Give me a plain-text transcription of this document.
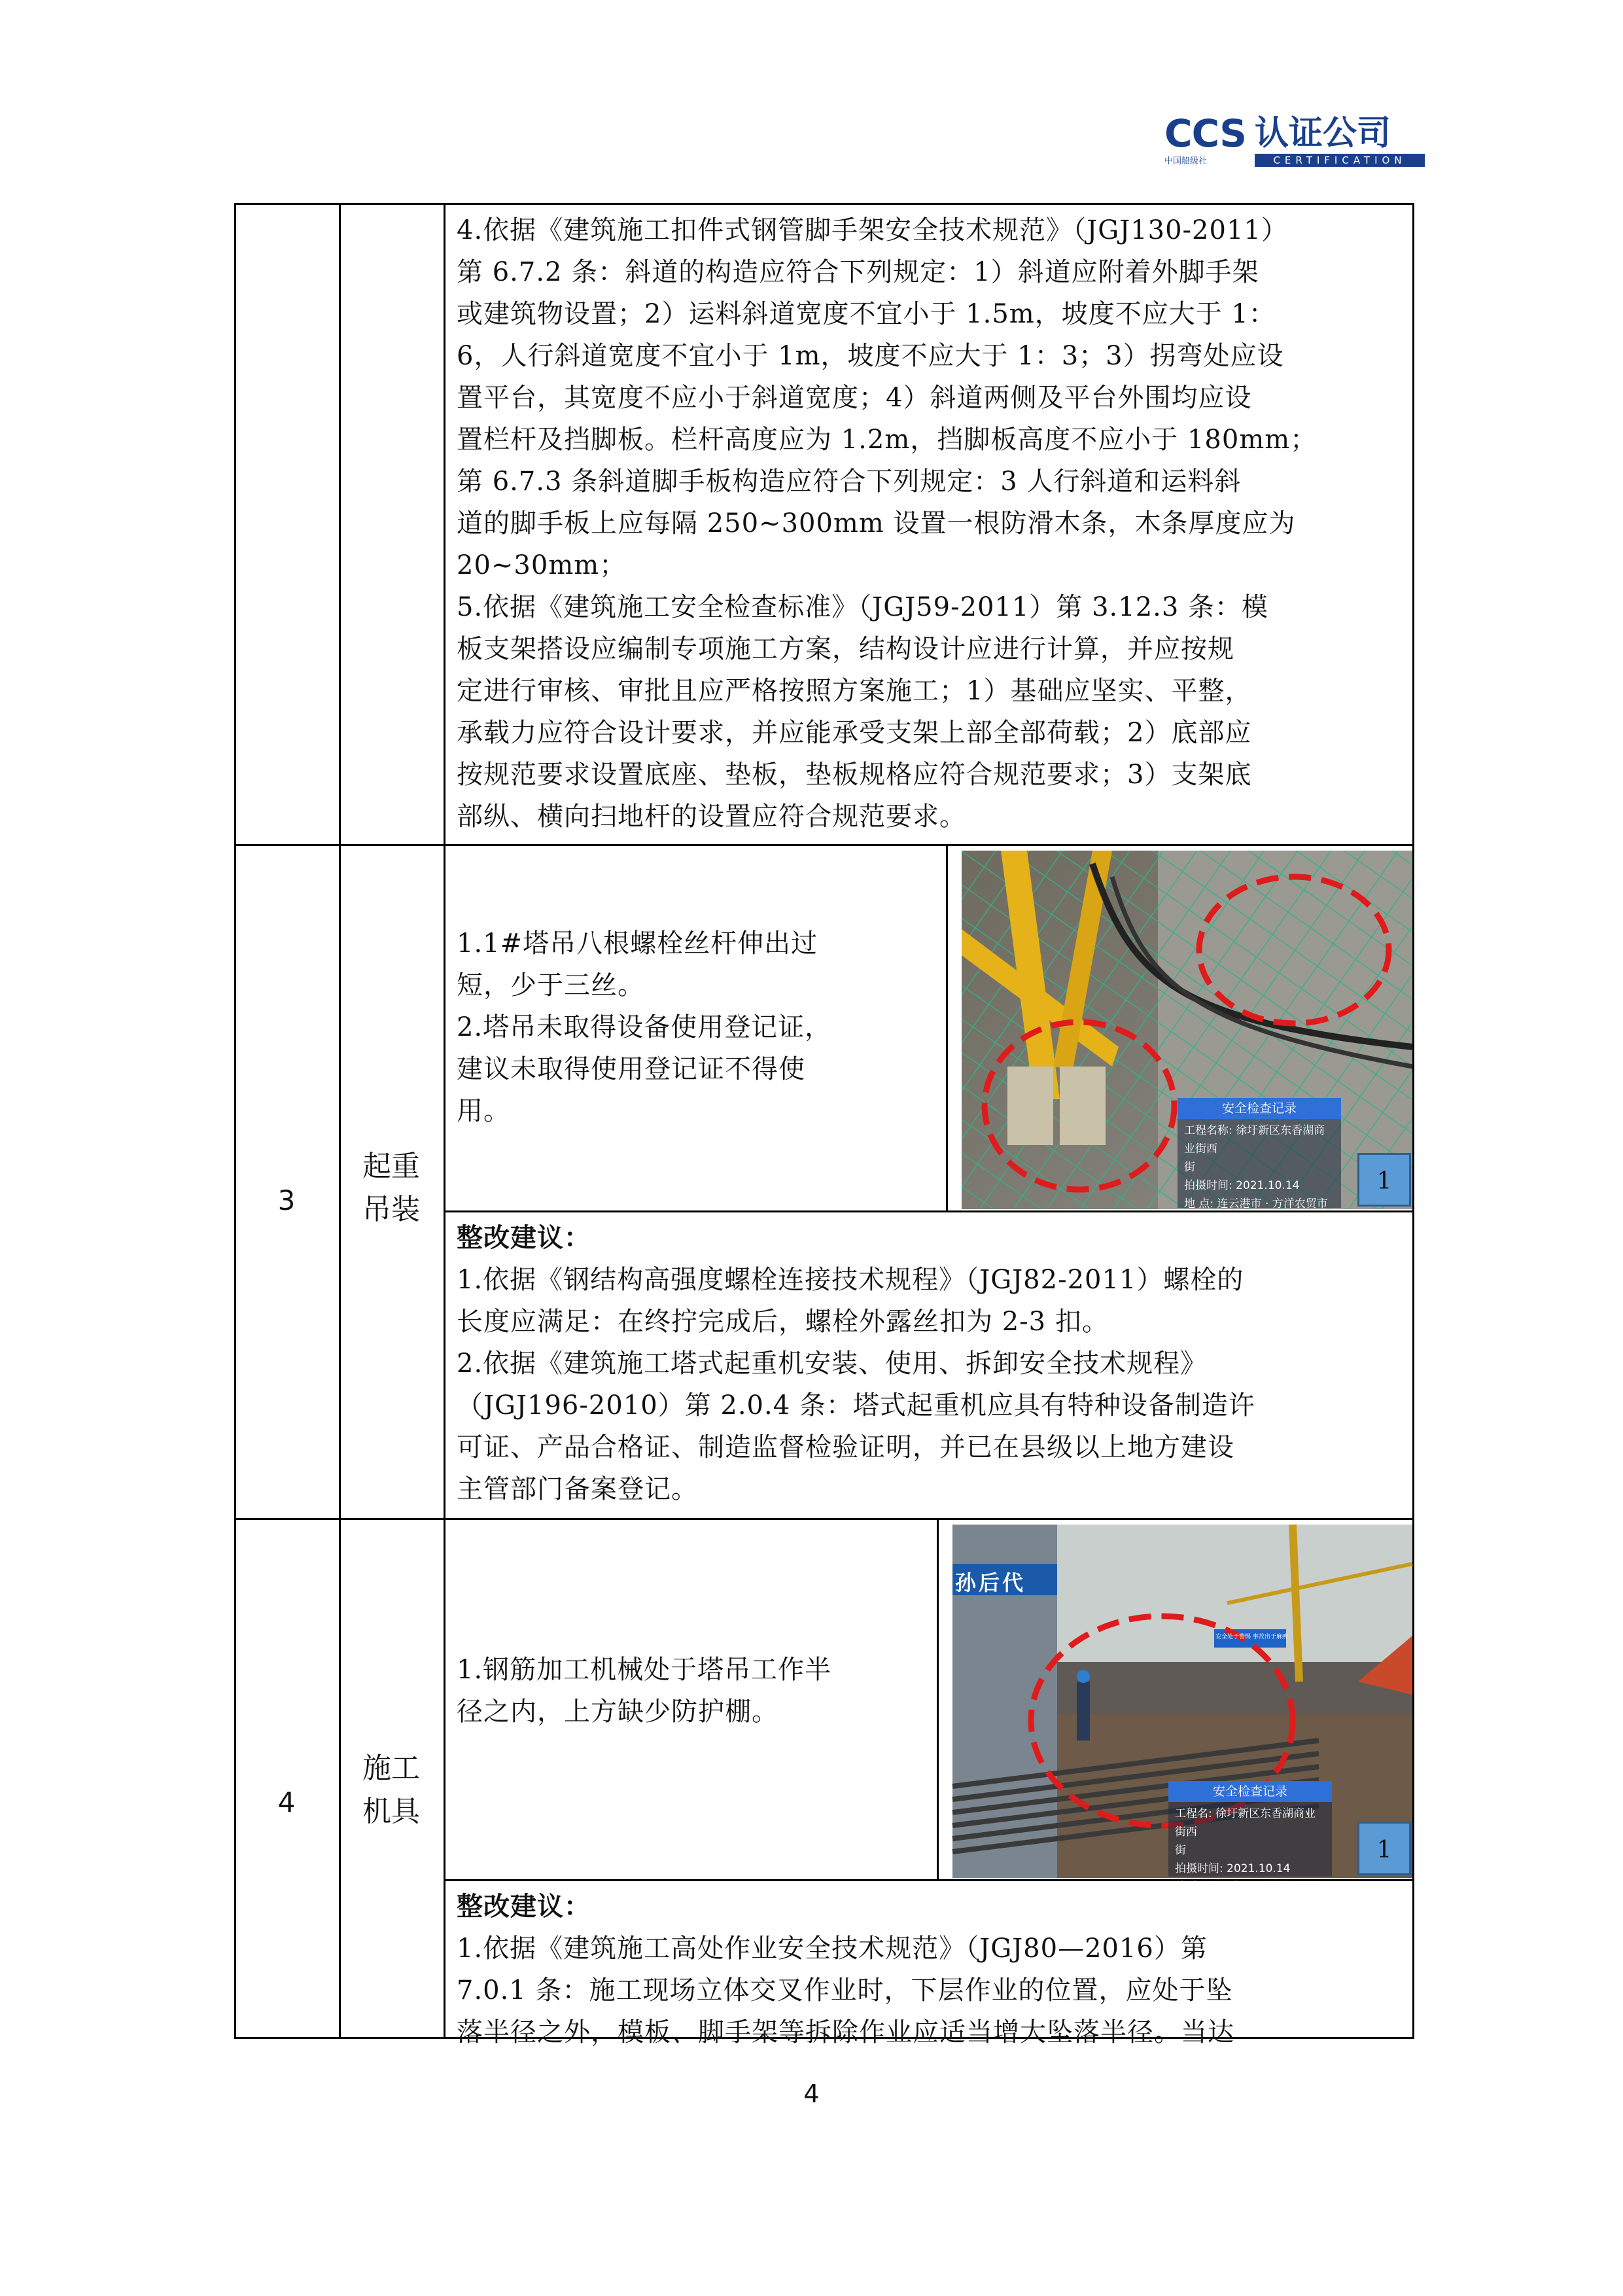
CCS 认证公司
中国船级社	CERTIFICATION
4.依据《建筑施工扣件式钢管脚手架安全技术规范》（JGJ130-2011）
第 6.7.2 条：斜道的构造应符合下列规定：1）斜道应附着外脚手架
或建筑物设置；2）运料斜道宽度不宜小于 1.5m，坡度不应大于 1：
6，人行斜道宽度不宜小于 1m，坡度不应大于 1：3；3）拐弯处应设
置平台，其宽度不应小于斜道宽度；4）斜道两侧及平台外围均应设
置栏杆及挡脚板。栏杆高度应为 1.2m，挡脚板高度不应小于 180mm；
第 6.7.3 条斜道脚手板构造应符合下列规定：3 人行斜道和运料斜
道的脚手板上应每隔 250~300mm 设置一根防滑木条，木条厚度应为
20~30mm；
5.依据《建筑施工安全检查标准》（JGJ59-2011）第 3.12.3 条：模
板支架搭设应编制专项施工方案，结构设计应进行计算，并应按规
定进行审核、审批且应严格按照方案施工；1）基础应坚实、平整，
承载力应符合设计要求，并应能承受支架上部全部荷载；2）底部应
按规范要求设置底座、垫板，垫板规格应符合规范要求；3）支架底
部纵、横向扫地杆的设置应符合规范要求。
3
起重
吊装
1.1#塔吊八根螺栓丝杆伸出过
短，少于三丝。
2.塔吊未取得设备使用登记证，
建议未取得使用登记证不得使
用。	安全检查记录
工程名称: 徐圩新区东香湖商业街西
街
拍摄时间: 2021.10.14
地 点: 连云港市 · 方洋农贸市场
1
整改建议：
1.依据《钢结构高强度螺栓连接技术规程》（JGJ82-2011）螺栓的
长度应满足：在终拧完成后，螺栓外露丝扣为 2-3 扣。
2.依据《建筑施工塔式起重机安装、使用、拆卸安全技术规程》
（JGJ196-2010）第 2.0.4 条：塔式起重机应具有特种设备制造许
可证、产品合格证、制造监督检验证明，并已在县级以上地方建设
主管部门备案登记。
4
施工
机具
1.钢筋加工机械处于塔吊工作半
径之内，上方缺少防护棚。
孙后代
安全处于警惕 事故出于麻痹
安全检查记录
工程名: 徐圩新区东香湖商业街西
街
拍摄时间: 2021.10.14
地 点: 连云港市 · 方洋农贸市场
1
整改建议：
1.依据《建筑施工高处作业安全技术规范》（JGJ80—2016）第
7.0.1 条：施工现场立体交叉作业时，下层作业的位置，应处于坠
落半径之外，模板、脚手架等拆除作业应适当增大坠落半径。当达
4
